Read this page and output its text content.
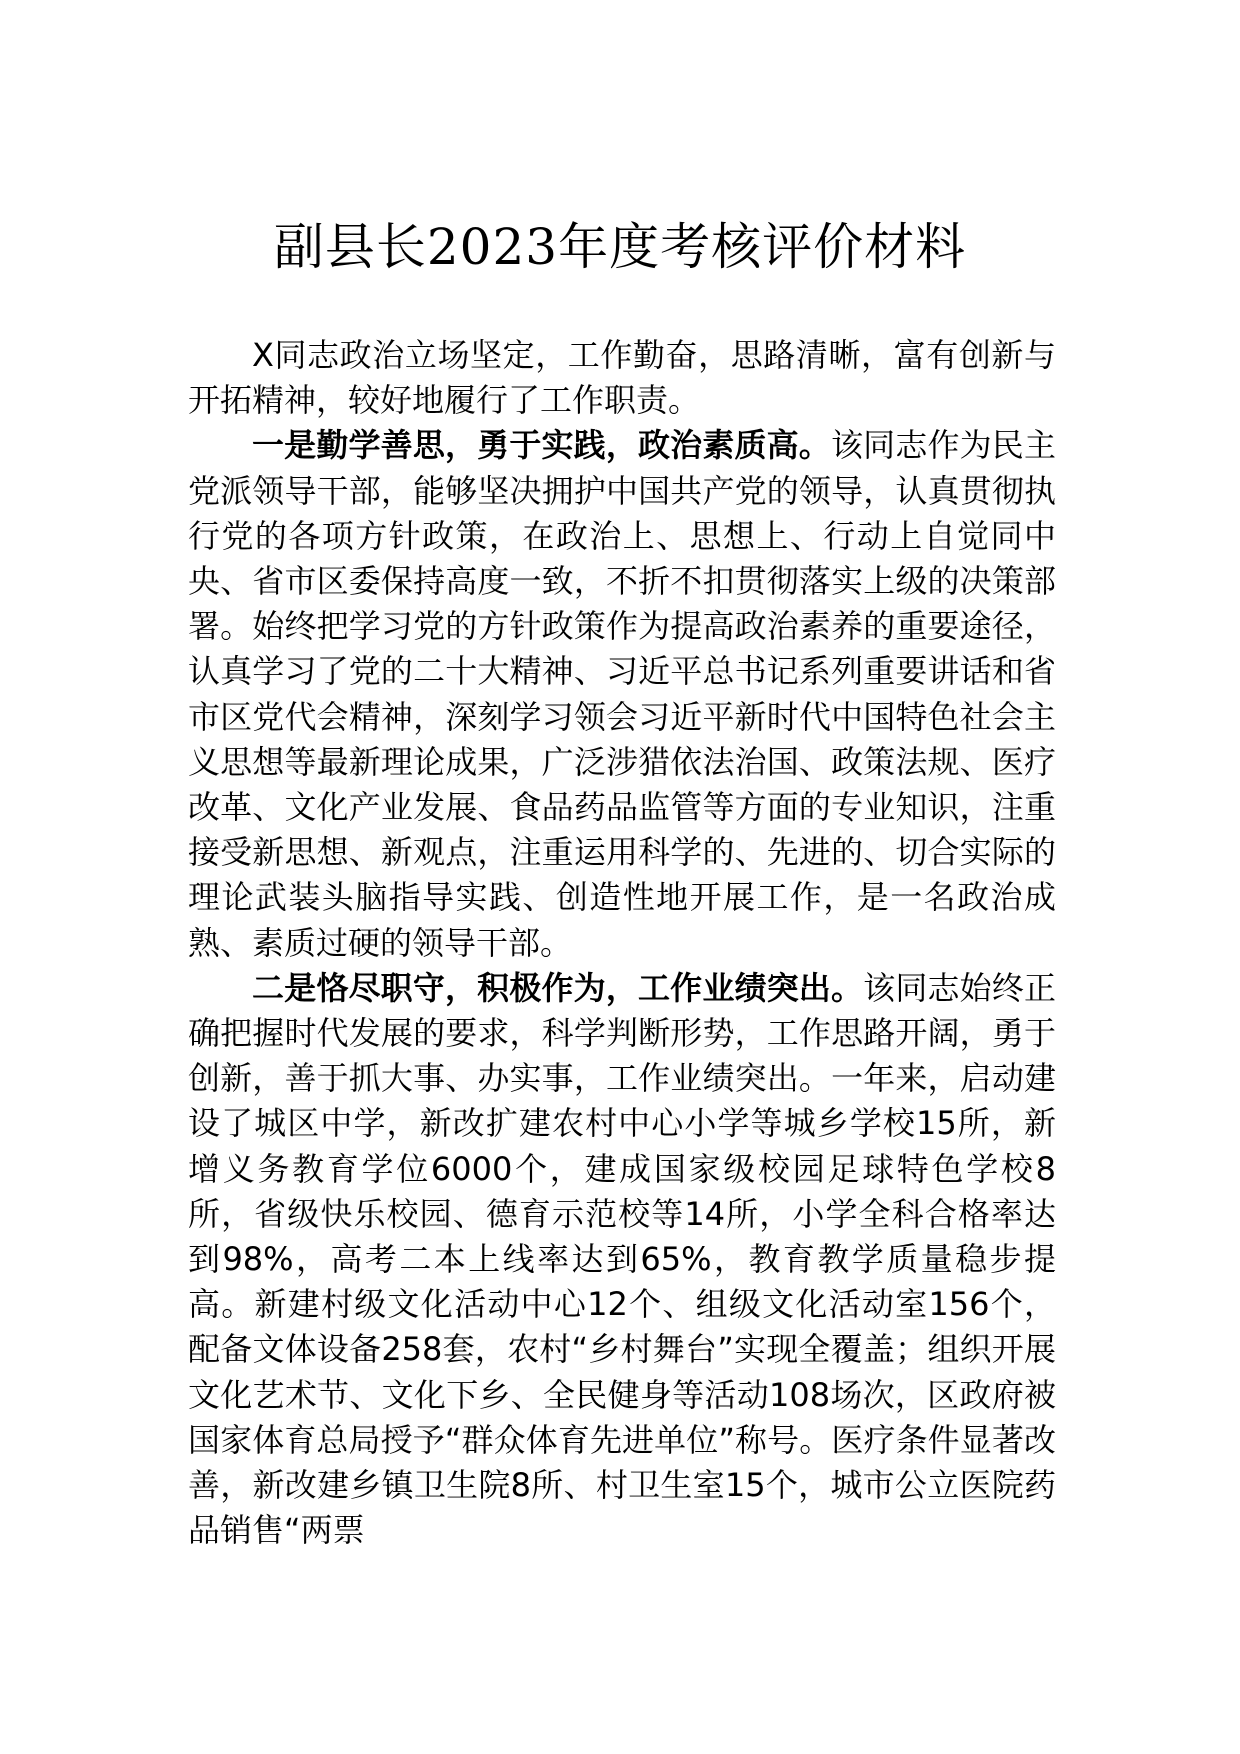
副县长2023年度考核评价材料

X同志政治立场坚定，工作勤奋，思路清晰，富有创新与开拓精神，较好地履行了工作职责。

一是勤学善思，勇于实践，政治素质高。该同志作为民主党派领导干部，能够坚决拥护中国共产党的领导，认真贯彻执行党的各项方针政策，在政治上、思想上、行动上自觉同中央、省市区委保持高度一致，不折不扣贯彻落实上级的决策部署。始终把学习党的方针政策作为提高政治素养的重要途径，认真学习了党的二十大精神、习近平总书记系列重要讲话和省市区党代会精神，深刻学习领会习近平新时代中国特色社会主义思想等最新理论成果，广泛涉猎依法治国、政策法规、医疗改革、文化产业发展、食品药品监管等方面的专业知识，注重接受新思想、新观点，注重运用科学的、先进的、切合实际的理论武装头脑指导实践、创造性地开展工作，是一名政治成熟、素质过硬的领导干部。

二是恪尽职守，积极作为，工作业绩突出。该同志始终正确把握时代发展的要求，科学判断形势，工作思路开阔，勇于创新，善于抓大事、办实事，工作业绩突出。一年来，启动建设了城区中学，新改扩建农村中心小学等城乡学校15所，新增义务教育学位6000个，建成国家级校园足球特色学校8所，省级快乐校园、德育示范校等14所，小学全科合格率达到98%，高考二本上线率达到65%，教育教学质量稳步提高。新建村级文化活动中心12个、组级文化活动室156个，配备文体设备258套，农村“乡村舞台”实现全覆盖；组织开展文化艺术节、文化下乡、全民健身等活动108场次，区政府被国家体育总局授予“群众体育先进单位”称号。医疗条件显著改善，新改建乡镇卫生院8所、村卫生室15个，城市公立医院药品销售“两票
